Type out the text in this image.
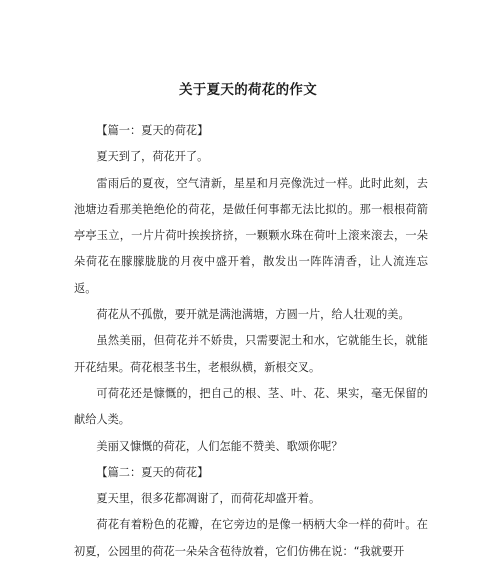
关于夏天的荷花的作文

【篇一：夏天的荷花】

夏天到了，荷花开了。

雷雨后的夏夜，空气清新，星星和月亮像洗过一样。此时此刻，去池塘边看那美艳绝伦的荷花，是做任何事都无法比拟的。那一根根荷箭亭亭玉立，一片片荷叶挨挨挤挤，一颗颗水珠在荷叶上滚来滚去，一朵朵荷花在朦朦胧胧的月夜中盛开着，散发出一阵阵清香，让人流连忘返。

荷花从不孤傲，要开就是满池满塘，方圆一片，给人壮观的美。

虽然美丽，但荷花并不娇贵，只需要泥土和水，它就能生长，就能开花结果。荷花根茎书生，老根纵横，新根交叉。

可荷花还是慷慨的，把自己的根、茎、叶、花、果实，毫无保留的献给人类。

美丽又慷慨的荷花，人们怎能不赞美、歌颂你呢？

【篇二：夏天的荷花】

夏天里，很多花都凋谢了，而荷花却盛开着。

荷花有着粉色的花瓣，在它旁边的是像一柄柄大伞一样的荷叶。在初夏，公园里的荷花一朵朵含苞待放着，它们仿佛在说：“我就要开
